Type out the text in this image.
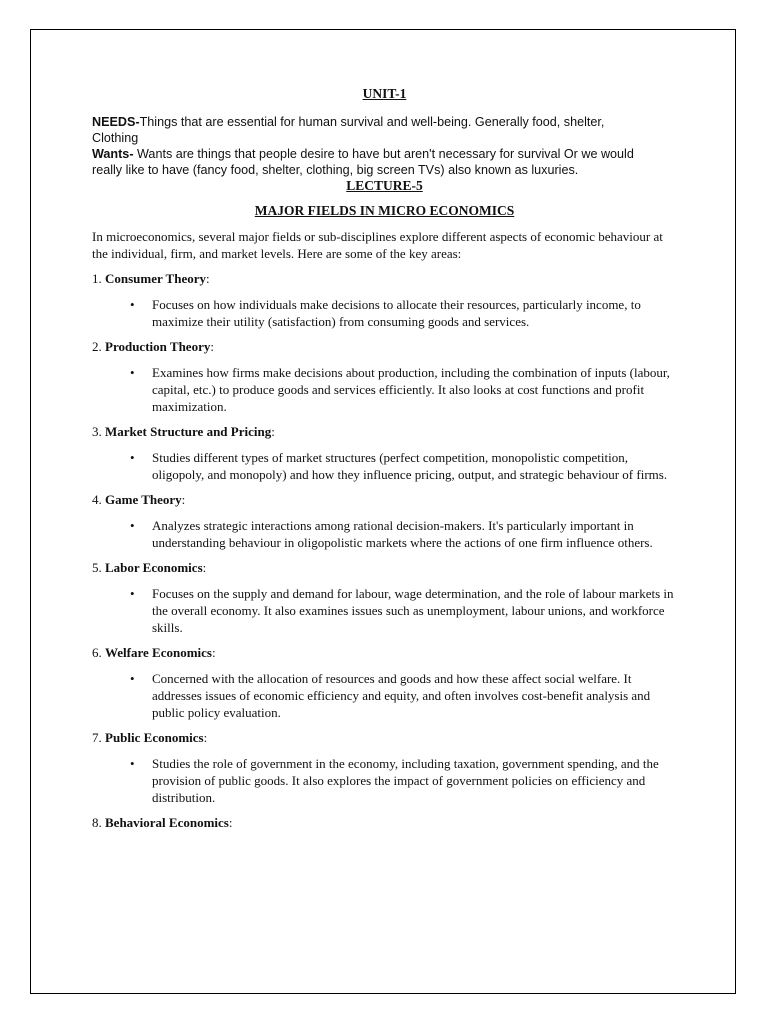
UNIT-1

NEEDS-Things that are essential for human survival and well-being. Generally food, shelter,
Clothing

Wants- Wants are things that people desire to have but aren't necessary for survival Or we would
really like to have (fancy food, shelter, clothing, big screen TVs) also known as luxuries.

LECTURE-5

MAJOR FIELDS IN MICRO ECONOMICS

In microeconomics, several major fields or sub-disciplines explore different aspects of economic behaviour at the individual, firm, and market levels. Here are some of the key areas:

1. Consumer Theory:

• Focuses on how individuals make decisions to allocate their resources, particularly income, to maximize their utility (satisfaction) from consuming goods and services.

2. Production Theory:

• Examines how firms make decisions about production, including the combination of inputs (labour, capital, etc.) to produce goods and services efficiently. It also looks at cost functions and profit maximization.

3. Market Structure and Pricing:

• Studies different types of market structures (perfect competition, monopolistic competition, oligopoly, and monopoly) and how they influence pricing, output, and strategic behaviour of firms.

4. Game Theory:

• Analyzes strategic interactions among rational decision-makers. It's particularly important in understanding behaviour in oligopolistic markets where the actions of one firm influence others.

5. Labor Economics:

• Focuses on the supply and demand for labour, wage determination, and the role of labour markets in the overall economy. It also examines issues such as unemployment, labour unions, and workforce skills.

6. Welfare Economics:

• Concerned with the allocation of resources and goods and how these affect social welfare. It addresses issues of economic efficiency and equity, and often involves cost-benefit analysis and public policy evaluation.

7. Public Economics:

• Studies the role of government in the economy, including taxation, government spending, and the provision of public goods. It also explores the impact of government policies on efficiency and distribution.

8. Behavioral Economics:
